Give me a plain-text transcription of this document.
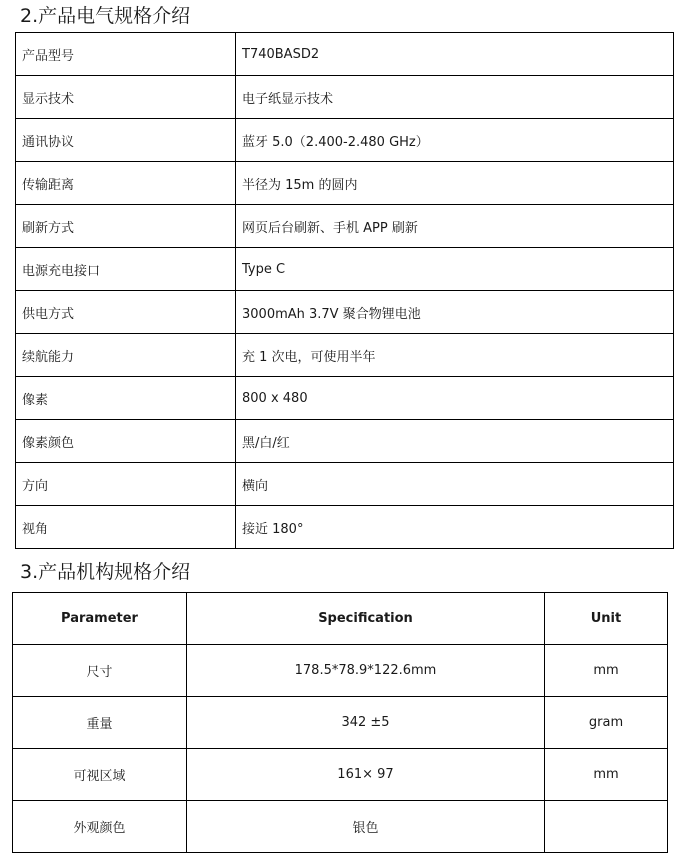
2.产品电气规格介绍
产品型号	T740BASD2
显示技术	电子纸显示技术
通讯协议	蓝牙 5.0（2.400-2.480 GHz）
传输距离	半径为 15m 的圆内
刷新方式	网页后台刷新、手机 APP 刷新
电源充电接口	Type C
供电方式	3000mAh 3.7V 聚合物锂电池
续航能力	充 1 次电，可使用半年
像素	800 x 480
像素颜色	黑/白/红
方向	横向
视角	接近 180°
3.产品机构规格介绍
Parameter	Specification	Unit
尺寸	178.5*78.9*122.6mm	mm
重量	342 ±5	gram
可视区域	161× 97	mm
外观颜色	银色	
